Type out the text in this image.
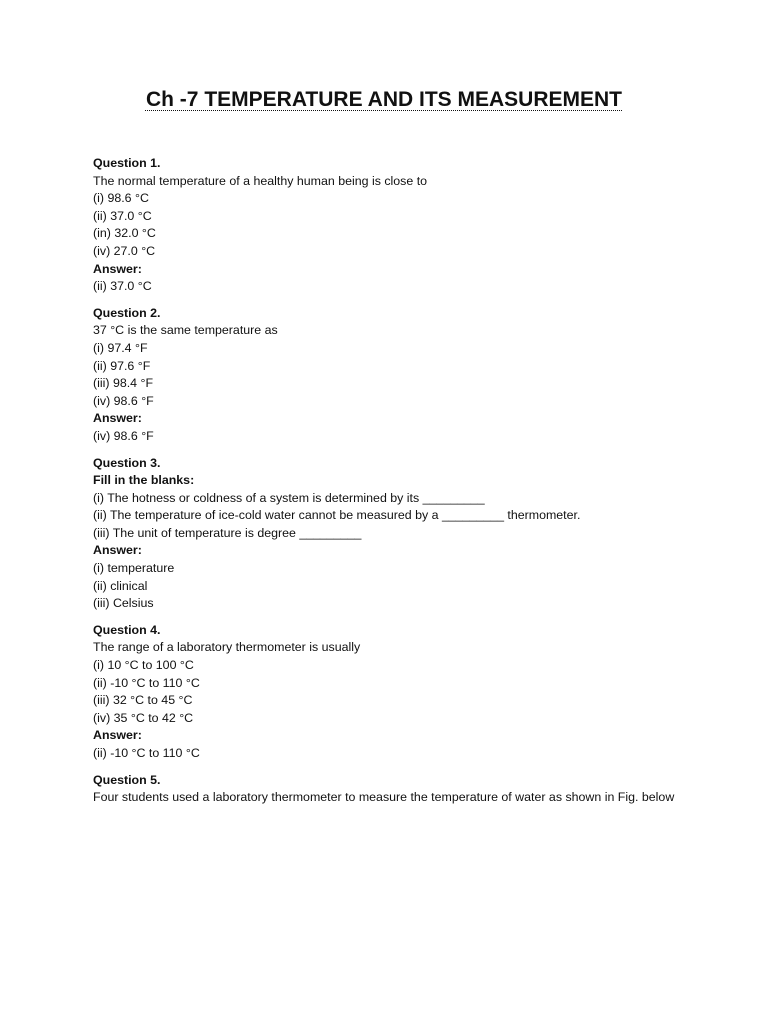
Ch -7 TEMPERATURE AND ITS MEASUREMENT
Question 1.
The normal temperature of a healthy human being is close to
(i) 98.6 °C
(ii) 37.0 °C
(in) 32.0 °C
(iv) 27.0 °C
Answer:
(ii) 37.0 °C
Question 2.
37 °C is the same temperature as
(i) 97.4 °F
(ii) 97.6 °F
(iii) 98.4 °F
(iv) 98.6 °F
Answer:
(iv) 98.6 °F
Question 3.
Fill in the blanks:
(i) The hotness or coldness of a system is determined by its _________
(ii) The temperature of ice-cold water cannot be measured by a _________ thermometer.
(iii) The unit of temperature is degree _________
Answer:
(i) temperature
(ii) clinical
(iii) Celsius
Question 4.
The range of a laboratory thermometer is usually
(i) 10 °C to 100 °C
(ii) -10 °C to 110 °C
(iii) 32 °C to 45 °C
(iv) 35 °C to 42 °C
Answer:
(ii) -10 °C to 110 °C
Question 5.
Four students used a laboratory thermometer to measure the temperature of water as shown in Fig. below
